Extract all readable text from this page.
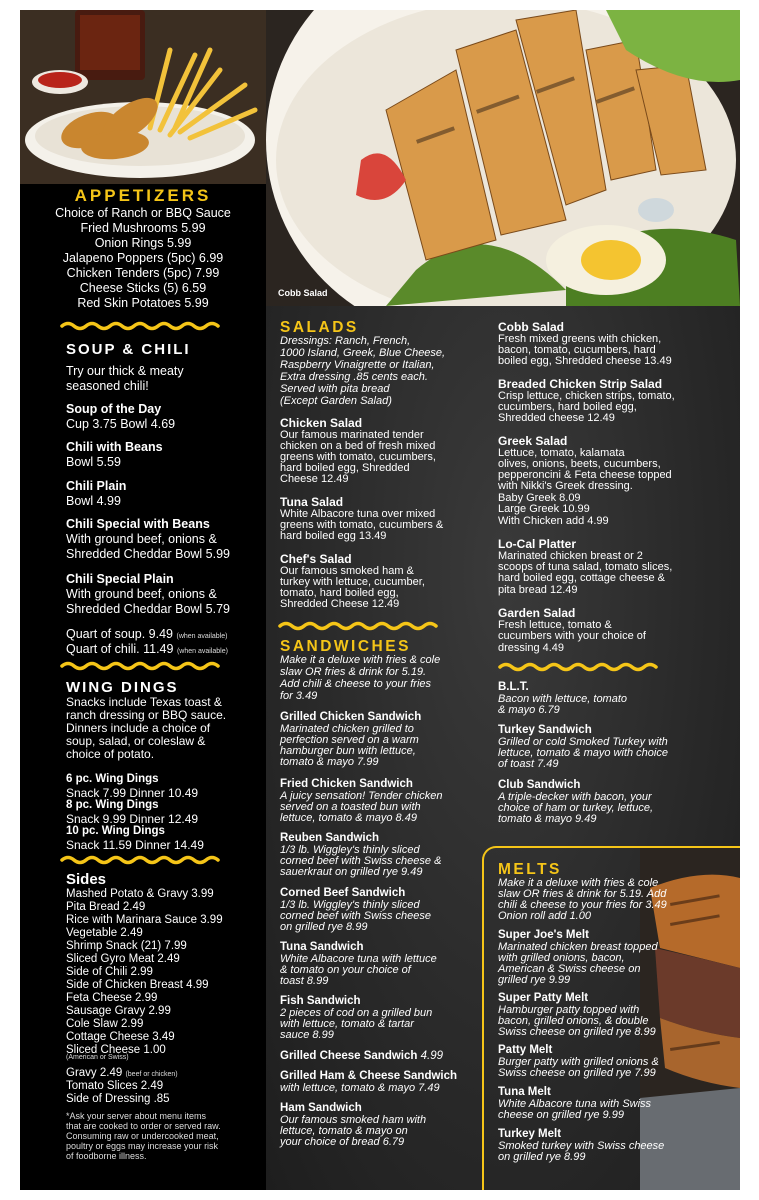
Cobb Salad
APPETIZERS
Choice of Ranch or BBQ Sauce
Fried Mushrooms 5.99
Onion Rings 5.99
Jalapeno Poppers (5pc) 6.99
Chicken Tenders (5pc) 7.99
Cheese Sticks (5) 6.59
Red Skin Potatoes 5.99
SOUP & CHILI
Try our thick & meaty
seasoned chili!
Soup of the Day
Cup 3.75 Bowl 4.69
Chili with Beans
Bowl 5.59
Chili Plain
Bowl 4.99
Chili Special with Beans
With ground beef, onions &
Shredded Cheddar Bowl 5.99
Chili Special Plain
With ground beef, onions &
Shredded Cheddar Bowl 5.79
Quart of soup. 9.49 (when available)
Quart of chili. 11.49 (when available)
WING DINGS
Snacks include Texas toast &
ranch dressing or BBQ sauce.
Dinners include a choice of
soup, salad, or coleslaw &
choice of potato.
6 pc. Wing Dings
Snack 7.99 Dinner 10.49
8 pc. Wing Dings
Snack 9.99 Dinner 12.49
10 pc. Wing Dings
Snack 11.59 Dinner 14.49
Sides
Mashed Potato & Gravy 3.99
Pita Bread 2.49
Rice with Marinara Sauce 3.99
Vegetable 2.49
Shrimp Snack (21) 7.99
Sliced Gyro Meat 2.49
Side of Chili 2.99
Side of Chicken Breast 4.99
Feta Cheese 2.99
Sausage Gravy 2.99
Cole Slaw 2.99
Cottage Cheese 3.49
Sliced Cheese 1.00
(American or Swiss)
Gravy 2.49 (beef or chicken)
Tomato Slices 2.49
Side of Dressing .85
*Ask your server about menu items
that are cooked to order or served raw.
Consuming raw or undercooked meat,
poultry or eggs may increase your risk
of foodborne illness.
SALADS
Dressings: Ranch, French,
1000 Island, Greek, Blue Cheese,
Raspberry Vinaigrette or Italian,
Extra dressing .85 cents each.
Served with pita bread
(Except Garden Salad)
Chicken Salad
Our famous marinated tender
chicken on a bed of fresh mixed
greens with tomato, cucumbers,
hard boiled egg, Shredded
Cheese 12.49
Tuna Salad
White Albacore tuna over mixed
greens with tomato, cucumbers &
hard boiled egg 13.49
Chef's Salad
Our famous smoked ham &
turkey with lettuce, cucumber,
tomato, hard boiled egg,
Shredded Cheese 12.49
SANDWICHES
Make it a deluxe with fries & cole
slaw OR fries & drink for 5.19.
Add chili & cheese to your fries
for 3.49
Grilled Chicken Sandwich
Marinated chicken grilled to
perfection served on a warm
hamburger bun with lettuce,
tomato & mayo 7.99
Fried Chicken Sandwich
A juicy sensation! Tender chicken
served on a toasted bun with
lettuce, tomato & mayo 8.49
Reuben Sandwich
1/3 lb. Wiggley's thinly sliced
corned beef with Swiss cheese &
sauerkraut on grilled rye 9.49
Corned Beef Sandwich
1/3 lb. Wiggley's thinly sliced
corned beef with Swiss cheese
on grilled rye 8.99
Tuna Sandwich
White Albacore tuna with lettuce
& tomato on your choice of
toast 8.99
Fish Sandwich
2 pieces of cod on a grilled bun
with lettuce, tomato & tartar
sauce 8.99
Grilled Cheese Sandwich 4.99
Grilled Ham & Cheese Sandwich
with lettuce, tomato & mayo 7.49
Ham Sandwich
Our famous smoked ham with
lettuce, tomato & mayo on
your choice of bread 6.79
Cobb Salad
Fresh mixed greens with chicken,
bacon, tomato, cucumbers, hard
boiled egg, Shredded cheese 13.49
Breaded Chicken Strip Salad
Crisp lettuce, chicken strips, tomato,
cucumbers, hard boiled egg,
Shredded cheese 12.49
Greek Salad
Lettuce, tomato, kalamata
olives, onions, beets, cucumbers,
pepperoncini & Feta cheese topped
with Nikki's Greek dressing.
Baby Greek 8.09
Large Greek 10.99
With Chicken add 4.99
Lo-Cal Platter
Marinated chicken breast or 2
scoops of tuna salad, tomato slices,
hard boiled egg, cottage cheese &
pita bread 12.49
Garden Salad
Fresh lettuce, tomato &
cucumbers with your choice of
dressing 4.49
B.L.T.
Bacon with lettuce, tomato
& mayo 6.79
Turkey Sandwich
Grilled or cold Smoked Turkey with
lettuce, tomato & mayo with choice
of toast 7.49
Club Sandwich
A triple-decker with bacon, your
choice of ham or turkey, lettuce,
tomato & mayo 9.49
MELTS
Make it a deluxe with fries & cole
slaw OR fries & drink for 5.19. Add
chili & cheese to your fries for 3.49
Onion roll add 1.00
Super Joe's Melt
Marinated chicken breast topped
with grilled onions, bacon,
American & Swiss cheese on
grilled rye 9.99
Super Patty Melt
Hamburger patty topped with
bacon, grilled onions, & double
Swiss cheese on grilled rye 8.99
Patty Melt
Burger patty with grilled onions &
Swiss cheese on grilled rye 7.99
Tuna Melt
White Albacore tuna with Swiss
cheese on grilled rye 9.99
Turkey Melt
Smoked turkey with Swiss cheese
on grilled rye 8.99
